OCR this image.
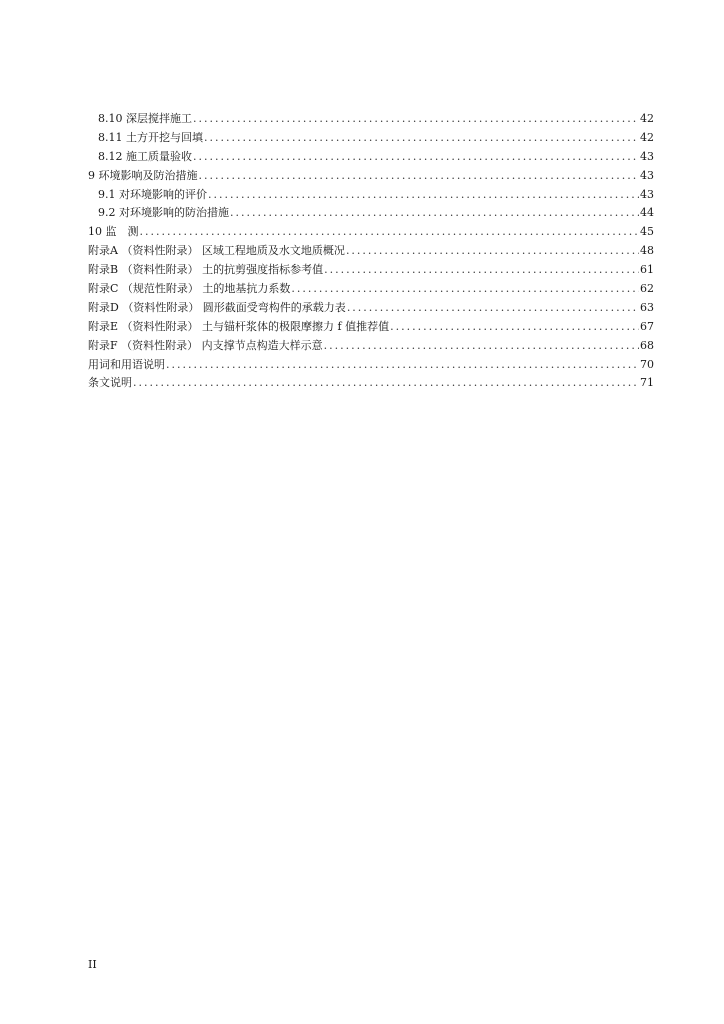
8.10 深层搅拌施工 .....	42
8.11 土方开挖与回填 .....	42
8.12 施工质量验收 .....	43
9 环境影响及防治措施 .....	43
9.1 对环境影响的评价 .....	43
9.2 对环境影响的防治措施 .....	44
10 监　测 .....	45
附录A （资料性附录） 区域工程地质及水文地质概况 .....	48
附录B （资料性附录） 土的抗剪强度指标参考值 .....	61
附录C （规范性附录） 土的地基抗力系数 .....	62
附录D （资料性附录） 圆形截面受弯构件的承载力表 .....	63
附录E （资料性附录） 土与锚杆浆体的极限摩擦力 f 值推荐值 .....	67
附录F （资料性附录） 内支撑节点构造大样示意 .....	68
用词和用语说明 .....	70
条文说明 .....	71
II
